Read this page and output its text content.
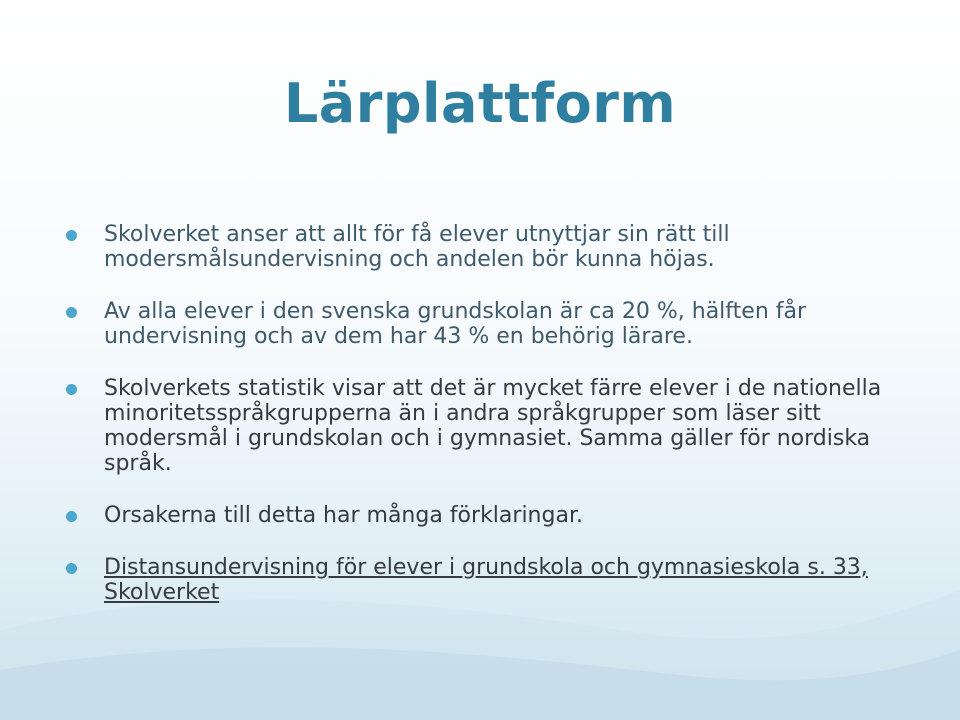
Lärplattform
Skolverket anser att allt för få elever utnyttjar sin rätt till modersmålsundervisning och andelen bör kunna höjas.
Av alla elever i den svenska grundskolan är ca 20 %, hälften får undervisning och av dem har 43 % en behörig lärare.
Skolverkets statistik visar att det är mycket färre elever i de nationella minoritetsspråkgrupperna än i andra språkgrupper som läser sitt modersmål i grundskolan och i gymnasiet. Samma gäller för nordiska språk.
Orsakerna till detta har många förklaringar.
Distansundervisning för elever i grundskola och gymnasieskola s. 33, Skolverket
